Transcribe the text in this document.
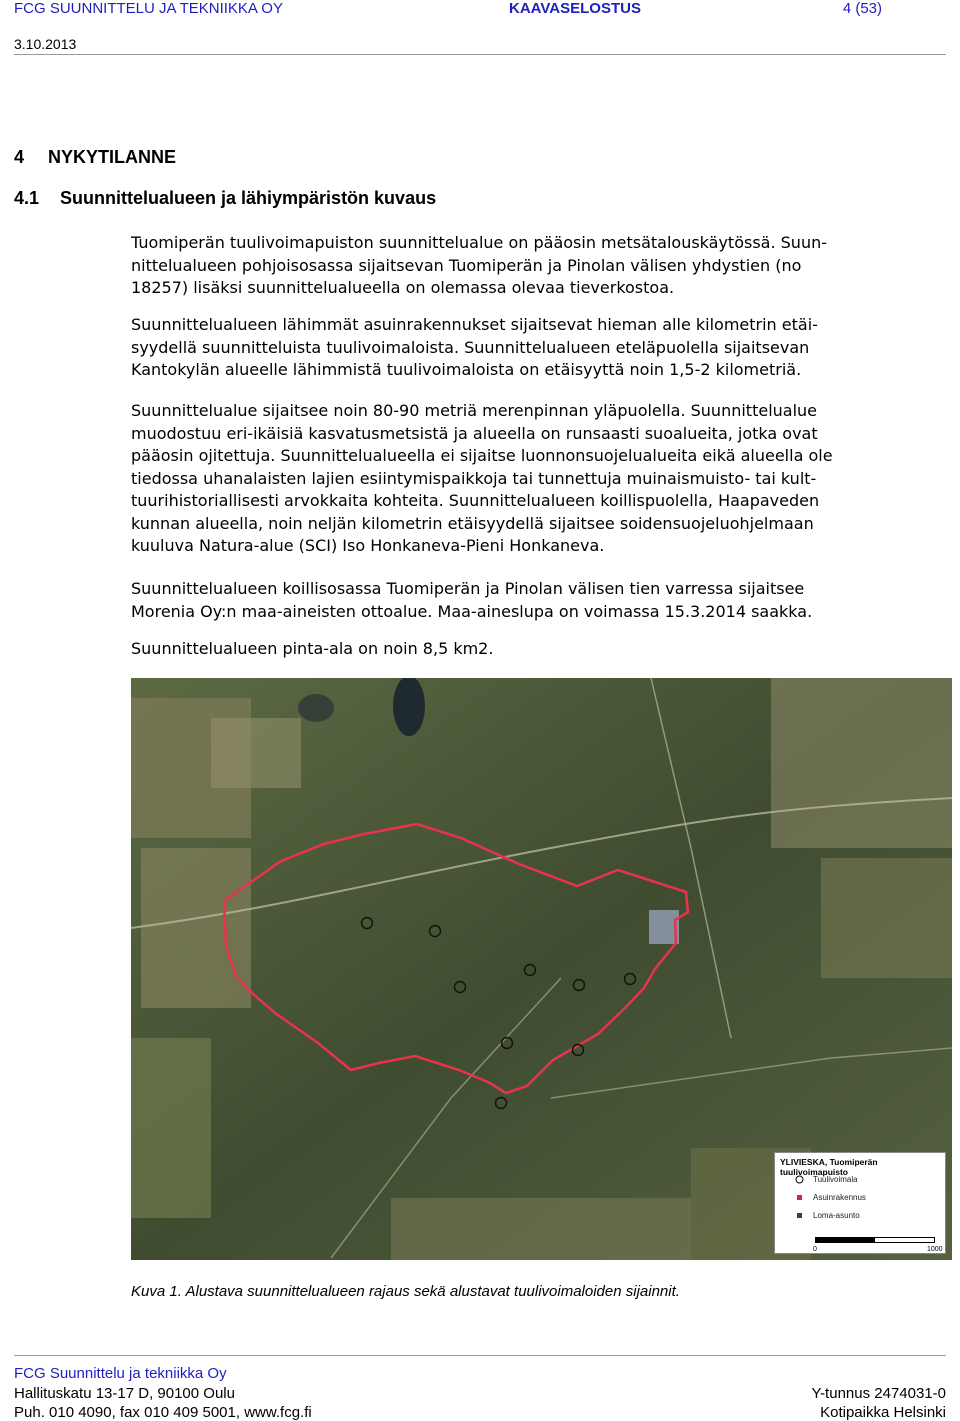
FCG SUUNNITTELU JA TEKNIIKKA OY	KAAVASELOSTUS	4 (53)
3.10.2013
4 NYKYTILANNE
4.1 Suunnittelualueen ja lähiympäristön kuvaus

Tuomiperän tuulivoimapuiston suunnittelualue on pääosin metsätalouskäytössä. Suun-

nittelualueen pohjoisosassa sijaitsevan Tuomiperän ja Pinolan välisen yhdystien (no

18257) lisäksi suunnittelualueella on olemassa olevaa tieverkostoa.

Suunnittelualueen lähimmät asuinrakennukset sijaitsevat hieman alle kilometrin etäi-

syydellä suunnitteluista tuulivoimaloista. Suunnittelualueen eteläpuolella sijaitsevan

Kantokylän alueelle lähimmistä tuulivoimaloista on etäisyyttä noin 1,5-2 kilometriä.

Suunnittelualue sijaitsee noin 80-90 metriä merenpinnan yläpuolella. Suunnittelualue

muodostuu eri-ikäisiä kasvatusmetsistä ja alueella on runsaasti suoalueita, jotka ovat

pääosin ojitettuja. Suunnittelualueella ei sijaitse luonnonsuojelualueita eikä alueella ole

tiedossa uhanalaisten lajien esiintymispaikkoja tai tunnettuja muinaismuisto- tai kult-

tuurihistoriallisesti arvokkaita kohteita. Suunnittelualueen koillispuolella, Haapaveden

kunnan alueella, noin neljän kilometrin etäisyydellä sijaitsee soidensuojeluohjelmaan

kuuluva Natura-alue (SCI) Iso Honkaneva-Pieni Honkaneva.

Suunnittelualueen koillisosassa Tuomiperän ja Pinolan välisen tien varressa sijaitsee

Morenia Oy:n maa-aineisten ottoalue. Maa-aineslupa on voimassa 15.3.2014 saakka.

Suunnittelualueen pinta-ala on noin 8,5 km2.

YLIVIESKA, Tuomiperän tuulivoimapuisto
Tuulivoimala
Asuinrakennus
Loma-asunto
0	1000
Kuva 1. Alustava suunnittelualueen rajaus sekä alustavat tuulivoimaloiden sijainnit.
FCG Suunnittelu ja tekniikka Oy
Hallituskatu 13-17 D, 90100 Oulu
Puh. 010 4090, fax 010 409 5001, www.fcg.fi
Y-tunnus 2474031-0
Kotipaikka Helsinki
